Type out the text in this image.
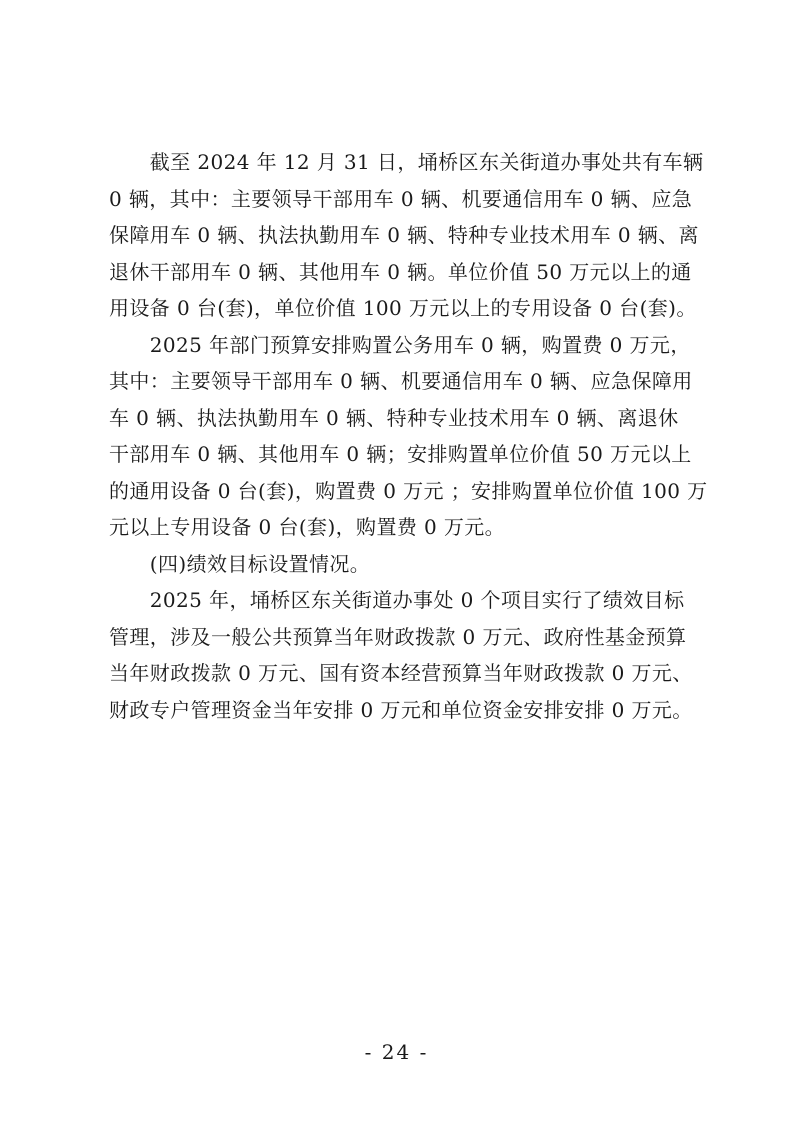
　　截至 2024 年 12 月 31 日，埇桥区东关街道办事处共有车辆
0 辆，其中：主要领导干部用车 0 辆、机要通信用车 0 辆、应急
保障用车 0 辆、执法执勤用车 0 辆、特种专业技术用车 0 辆、离
退休干部用车 0 辆、其他用车 0 辆。单位价值 50 万元以上的通
用设备 0 台(套)，单位价值 100 万元以上的专用设备 0 台(套)。
　　2025 年部门预算安排购置公务用车 0 辆，购置费 0 万元，
其中：主要领导干部用车 0 辆、机要通信用车 0 辆、应急保障用
车 0 辆、执法执勤用车 0 辆、特种专业技术用车 0 辆、离退休
干部用车 0 辆、其他用车 0 辆；安排购置单位价值 50 万元以上
的通用设备 0 台(套)，购置费 0 万元 ；安排购置单位价值 100 万
元以上专用设备 0 台(套)，购置费 0 万元。
　　(四)绩效目标设置情况。
　　2025 年，埇桥区东关街道办事处 0 个项目实行了绩效目标
管理，涉及一般公共预算当年财政拨款 0 万元、政府性基金预算
当年财政拨款 0 万元、国有资本经营预算当年财政拨款 0 万元、
财政专户管理资金当年安排 0 万元和单位资金安排安排 0 万元。
- 24 -
